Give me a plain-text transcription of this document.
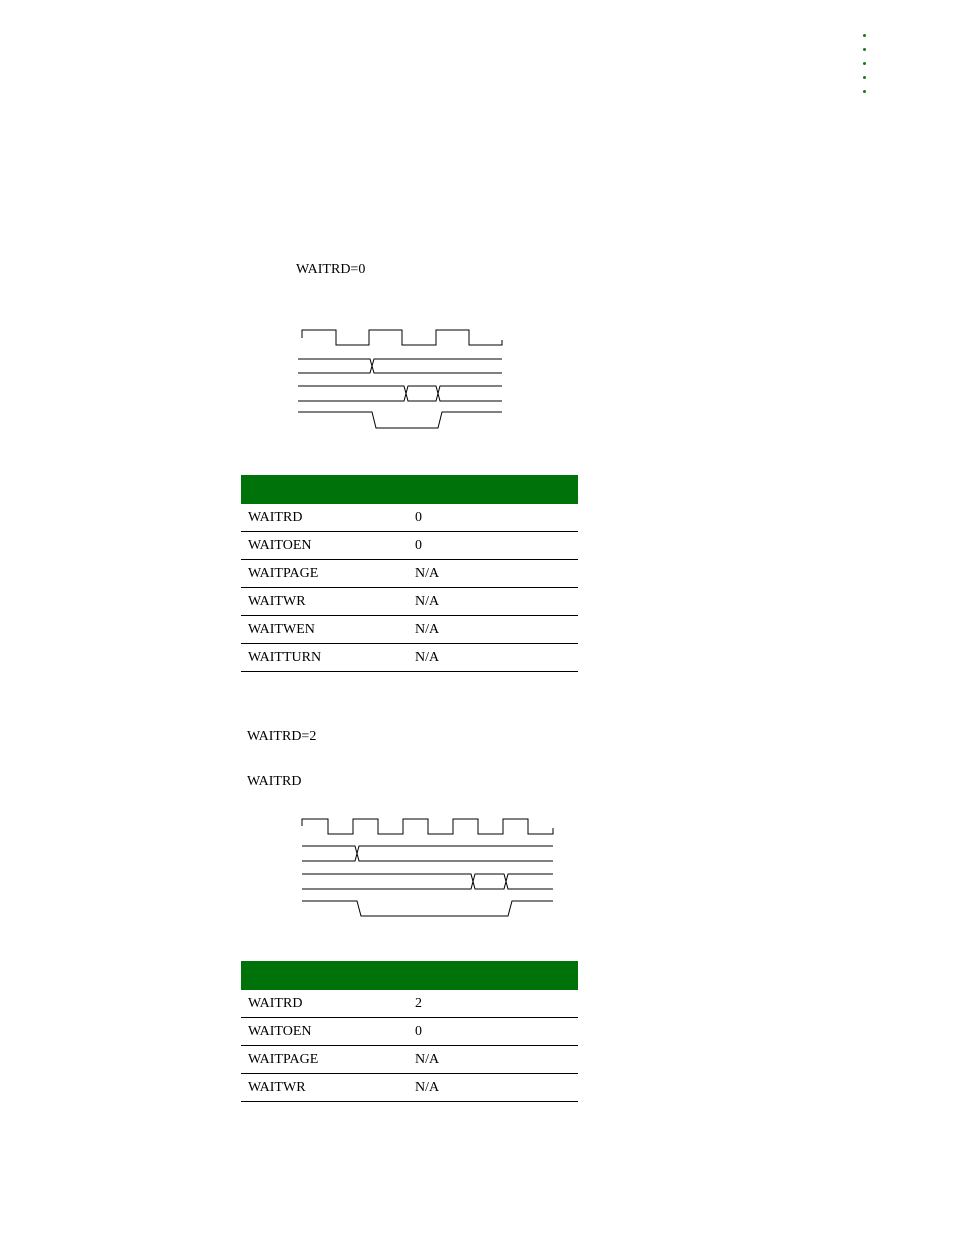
WAITRD=0

WAITRD	0
WAITOEN	0
WAITPAGE	N/A
WAITWR	N/A
WAITWEN	N/A
WAITTURN	N/A
WAITRD=2
WAITRD

WAITRD	2
WAITOEN	0
WAITPAGE	N/A
WAITWR	N/A
